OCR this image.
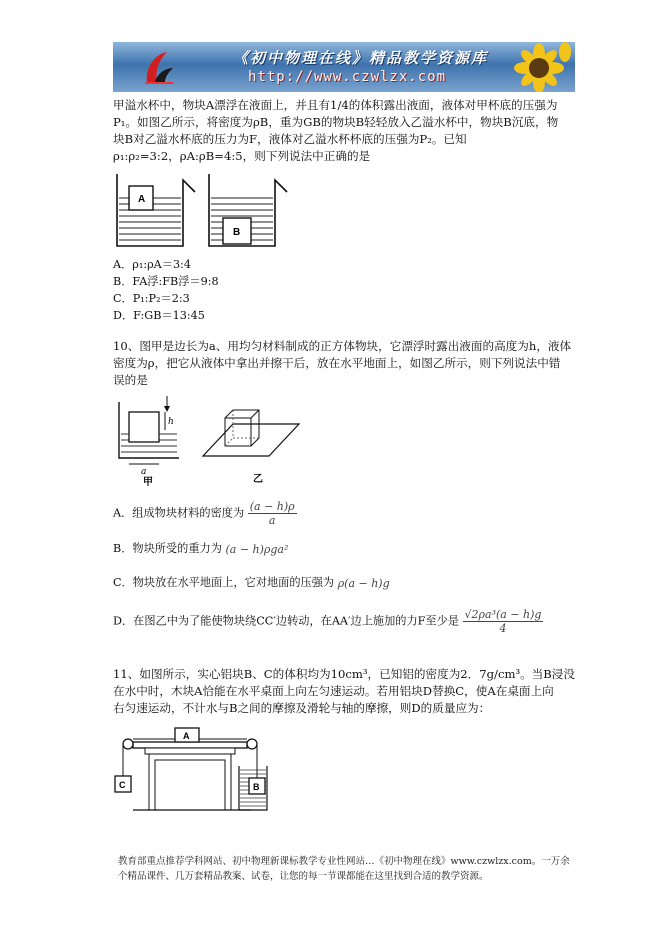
《初中物理在线》精品教学资源库
http://www.czwlzx.com
甲溢水杯中，物块A漂浮在液面上，并且有1/4的体积露出液面，液体对甲杯底的压强为
P₁。如图乙所示，将密度为ρB，重为GB的物块B轻轻放入乙溢水杯中，物块B沉底，物
块B对乙溢水杯底的压力为F，液体对乙溢水杯杯底的压强为P₂。已知
ρ₁:ρ₂=3:2，ρA:ρB=4:5，则下列说法中正确的是
A
B
A．ρ₁:ρA＝3:4
B．FA浮:FB浮＝9:8
C．P₁:P₂＝2:3
D．F:GB＝13:45
10、图甲是边长为a、用均匀材料制成的正方体物块，它漂浮时露出液面的高度为h，液体
密度为ρ，把它从液体中拿出并擦干后，放在水平地面上，如图乙所示，则下列说法中错
误的是
h
a
甲	乙
A．组成物块材料的密度为 $\frac{(a - h)\rho}{a}$
B．物块所受的重力为 (a − h)ρga²
C．物块放在水平地面上，它对地面的压强为 ρ(a − h)g
D．在图乙中为了能使物块绕CC′边转动，在AA′边上施加的力F至少是 $\frac{\text{√2ρa³(a − h)g}}{4}$
11、如图所示，实心铝块B、C的体积均为10cm³，已知铝的密度为2．7g/cm³。当B浸没
在水中时，木块A恰能在水平桌面上向左匀速运动。若用铝块D替换C，使A在桌面上向
右匀速运动，不计水与B之间的摩擦及滑轮与轴的摩擦，则D的质量应为：
A
C	B
教育部重点推荐学科网站、初中物理新课标教学专业性网站…《初中物理在线》www.czwlzx.com。一万余
个精品课件、几万套精品教案、试卷，让您的每一节课都能在这里找到合适的教学资源。
